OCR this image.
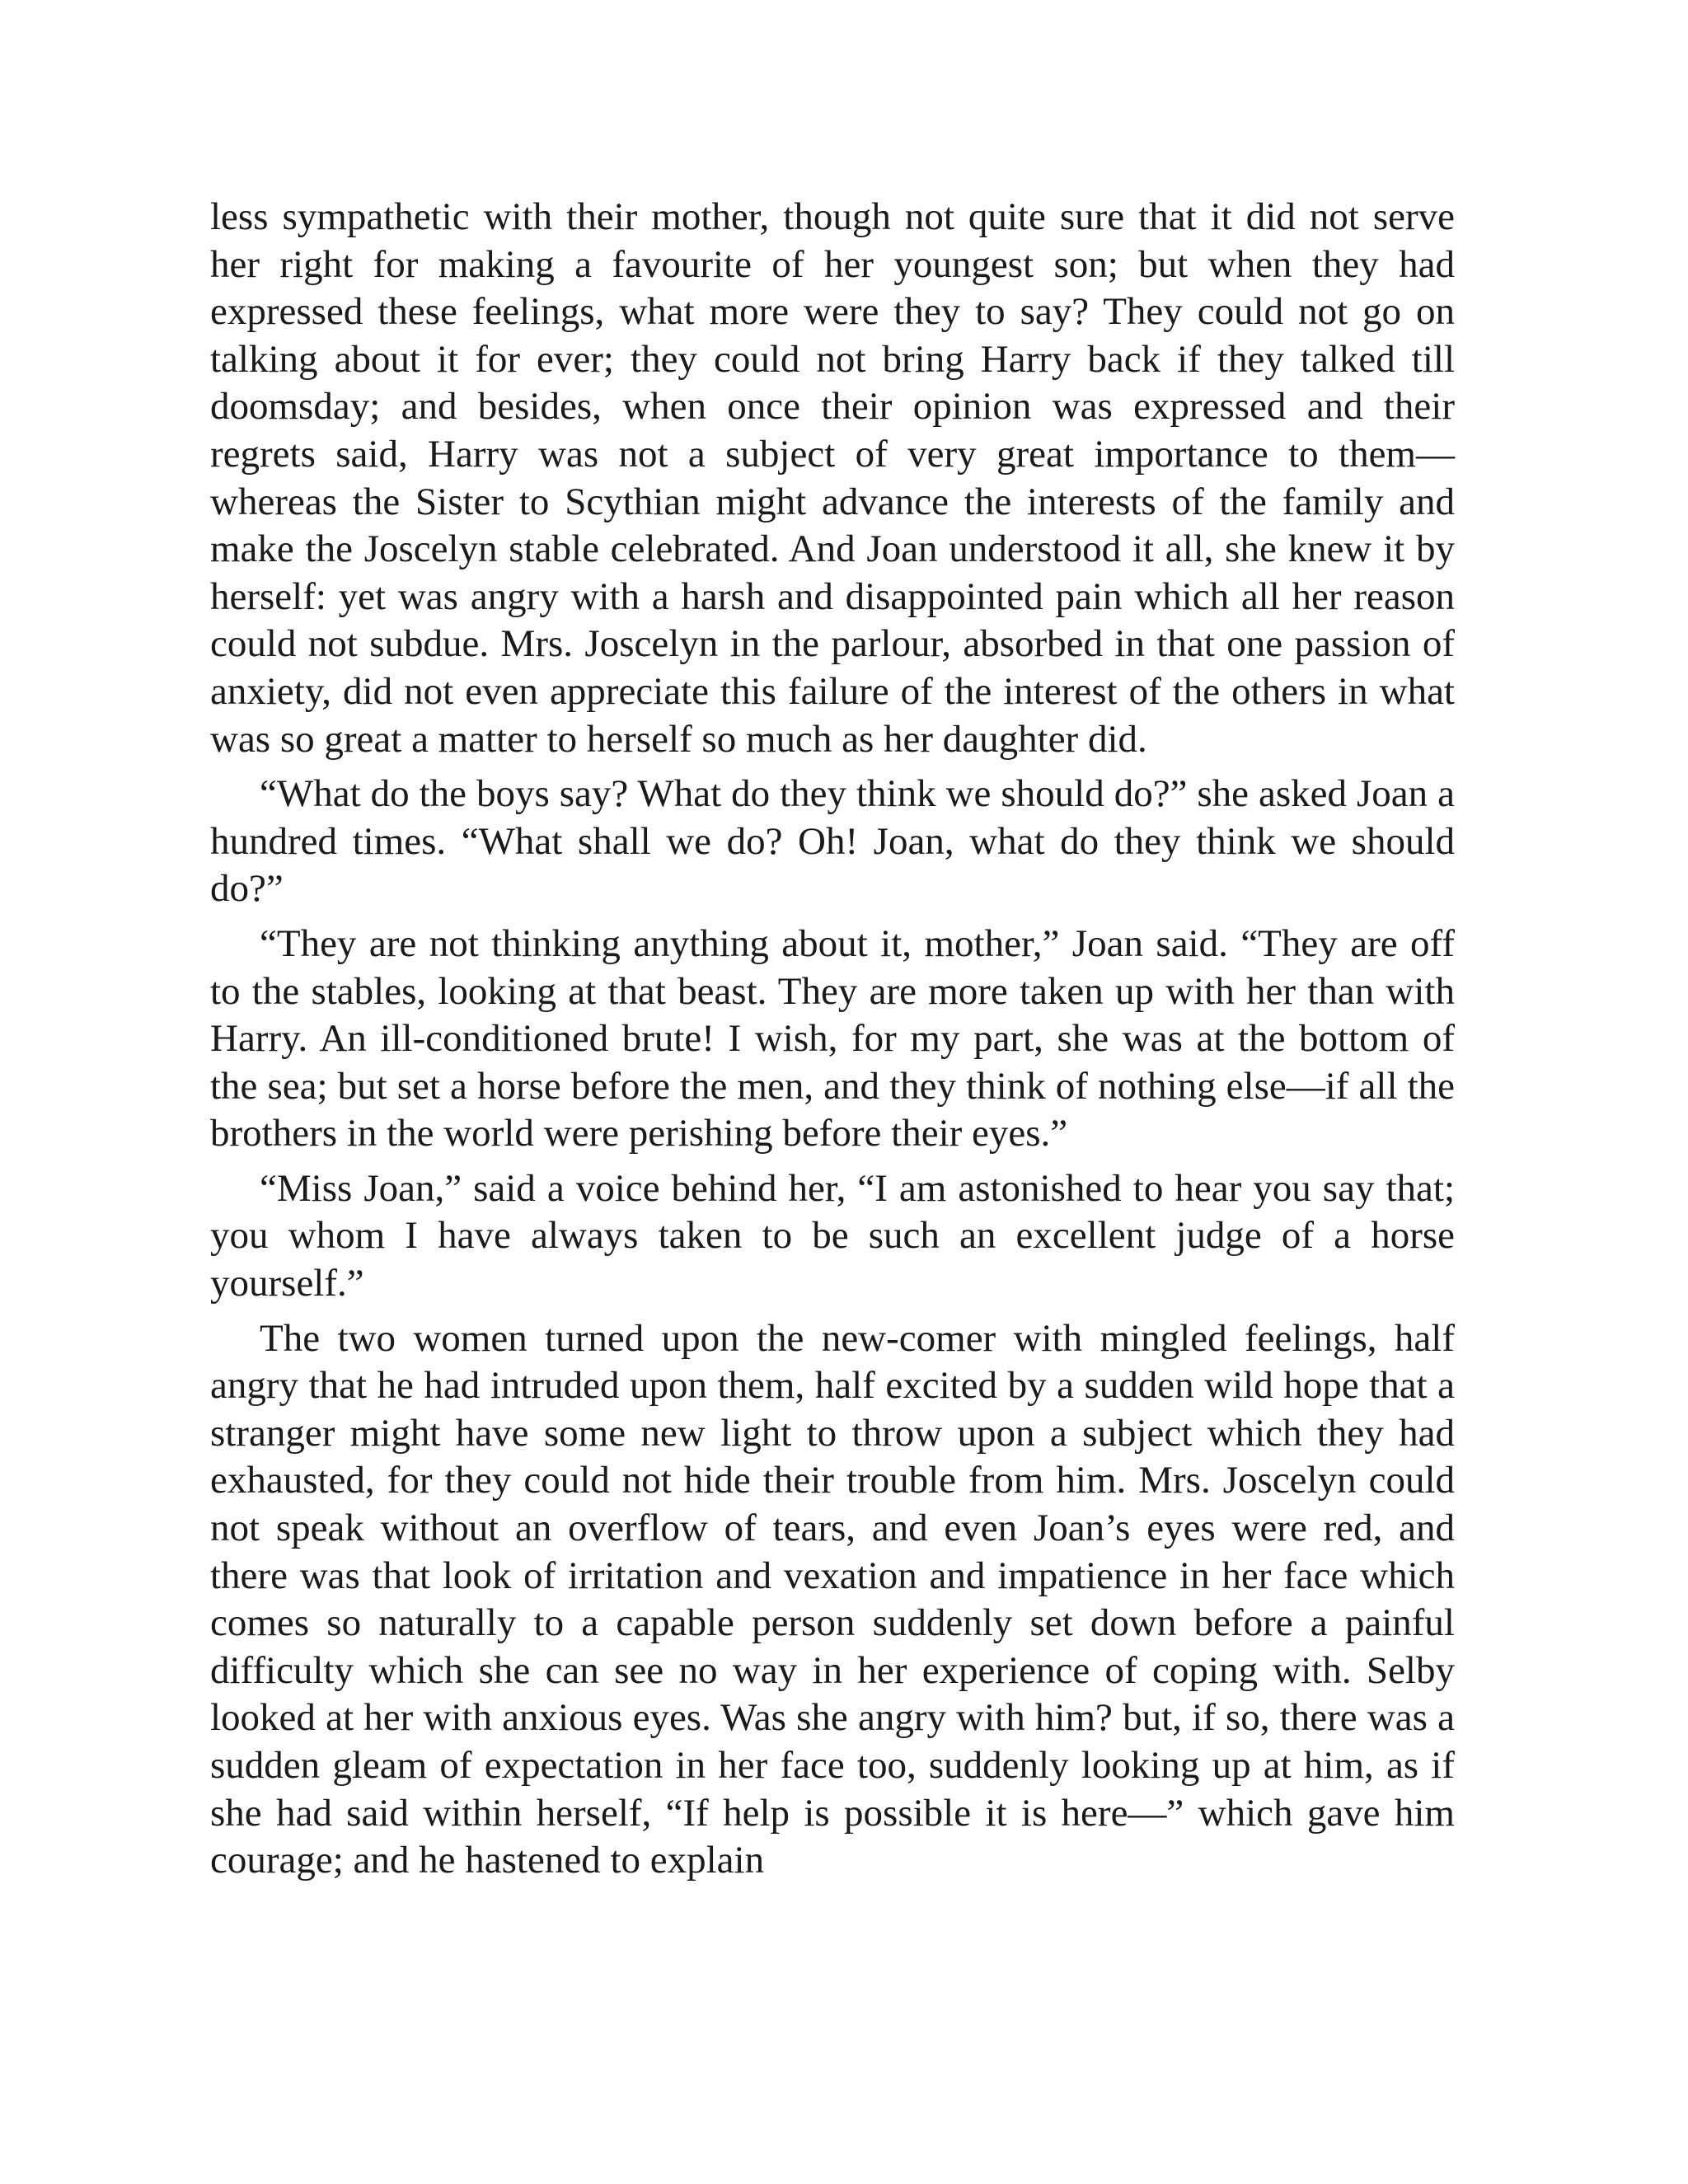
less sympathetic with their mother, though not quite sure that it did not serve her right for making a favourite of her youngest son; but when they had expressed these feelings, what more were they to say? They could not go on talking about it for ever; they could not bring Harry back if they talked till doomsday; and besides, when once their opinion was expressed and their regrets said, Harry was not a subject of very great importance to them—whereas the Sister to Scythian might advance the interests of the family and make the Joscelyn stable celebrated. And Joan understood it all, she knew it by herself: yet was angry with a harsh and disappointed pain which all her reason could not subdue. Mrs. Joscelyn in the parlour, absorbed in that one passion of anxiety, did not even appreciate this failure of the interest of the others in what was so great a matter to herself so much as her daughter did.

“What do the boys say? What do they think we should do?” she asked Joan a hundred times. “What shall we do? Oh! Joan, what do they think we should do?”

“They are not thinking anything about it, mother,” Joan said. “They are off to the stables, looking at that beast. They are more taken up with her than with Harry. An ill-conditioned brute! I wish, for my part, she was at the bottom of the sea; but set a horse before the men, and they think of nothing else—if all the brothers in the world were perishing before their eyes.”

“Miss Joan,” said a voice behind her, “I am astonished to hear you say that; you whom I have always taken to be such an excellent judge of a horse yourself.”

The two women turned upon the new-comer with mingled feelings, half angry that he had intruded upon them, half excited by a sudden wild hope that a stranger might have some new light to throw upon a subject which they had exhausted, for they could not hide their trouble from him. Mrs. Joscelyn could not speak without an overflow of tears, and even Joan’s eyes were red, and there was that look of irritation and vexation and impatience in her face which comes so naturally to a capable person suddenly set down before a painful difficulty which she can see no way in her experience of coping with. Selby looked at her with anxious eyes. Was she angry with him? but, if so, there was a sudden gleam of expectation in her face too, suddenly looking up at him, as if she had said within herself, “If help is possible it is here—” which gave him courage; and he hastened to explain
